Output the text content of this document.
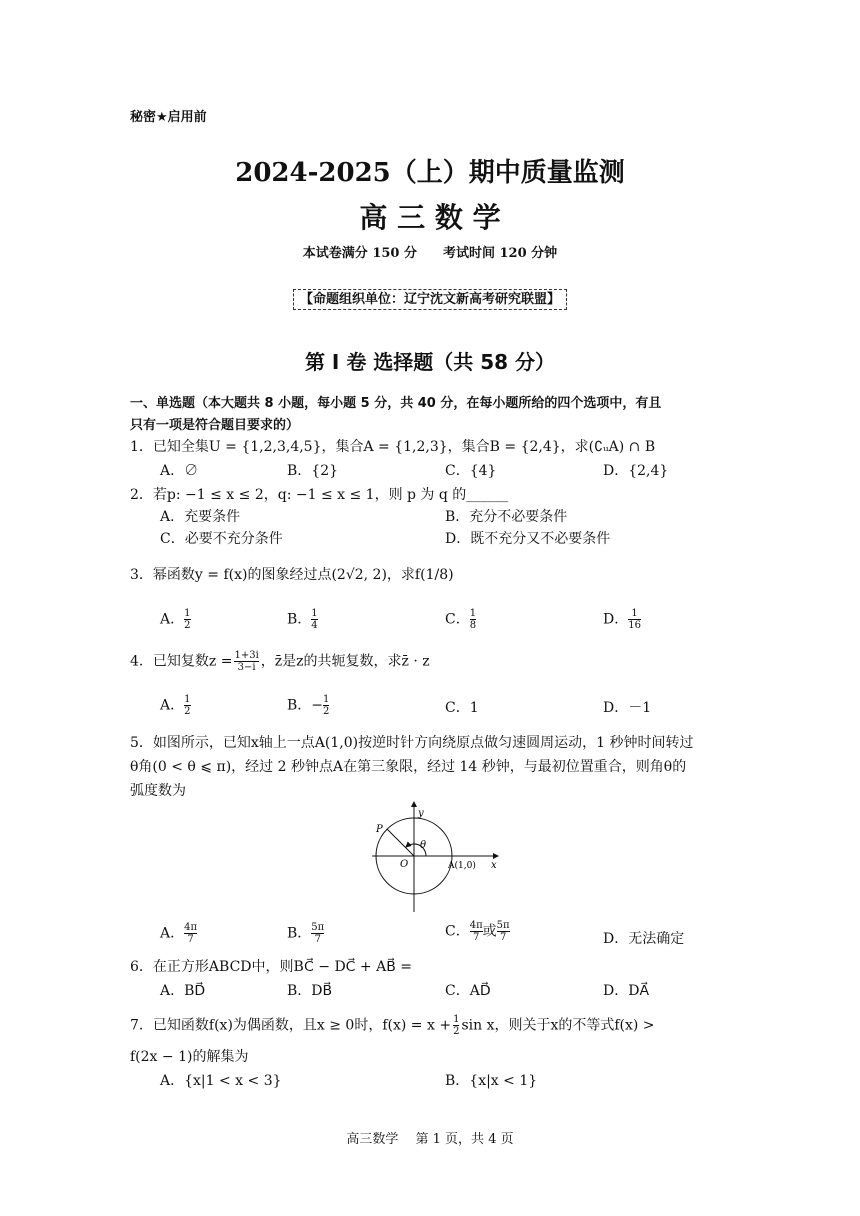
秘密★启用前
2024-2025（上）期中质量监测
高 三 数 学
本试卷满分 150 分　　考试时间 120 分钟
【命题组织单位：辽宁沈文新高考研究联盟】
第 I 卷 选择题（共 58 分）
一、单选题（本大题共 8 小题，每小题 5 分，共 40 分，在每小题所给的四个选项中，有且
只有一项是符合题目要求的）
1．已知全集U = {1,2,3,4,5}，集合A = {1,2,3}，集合B = {2,4}，求(∁ᵤA) ∩ B
A．∅	B．{2}	C．{4}	D．{2,4}
2．若p: −1 ≤ x ≤ 2，q: −1 ≤ x ≤ 1，则 p 为 q 的______
A．充要条件	B．充分不必要条件
C．必要不充分条件	D．既不充分又不必要条件
3．幂函数y = f(x)的图象经过点(2√2, 2)，求f(1/8)
A． $\frac{1}{2}$	B． $\frac{1}{4}$	C． $\frac{1}{8}$	D． $\frac{1}{16}$
4．已知复数$z = \frac{1+3i}{3-i}$ ，z̄是z的共轭复数，求z̄ · z
A． $\frac{1}{2}$	B．− $\frac{1}{2}$	C．1	D．－1
5．如图所示，已知x轴上一点A(1,0)按逆时针方向绕原点做匀速圆周运动，1 秒钟时间转过
θ角(0 < θ ⩽ π)，经过 2 秒钟点A在第三象限，经过 14 秒钟，与最初位置重合，则角θ的
弧度数为
y
x
O
P
θ
A(1,0)
A． $\frac{4\pi}{7}$	B． $\frac{5\pi}{7}$	C． $\frac{4\pi}{7}$ 或 $\frac{5\pi}{7}$	D．无法确定
6．在正方形ABCD中，则BC⃗ − DC⃗ + AB⃗ =
A．BD⃗	B．DB⃗	C．AD⃗	D．DA⃗
7．已知函数f(x)为偶函数，且x ≥ 0时，$f(x) = x + \frac{1}{2}$ sin x，则关于x的不等式f(x) >
f(2x − 1)的解集为
A．{x|1 < x < 3}	B．{x|x < 1}
高三数学　 第 1 页，共 4 页
